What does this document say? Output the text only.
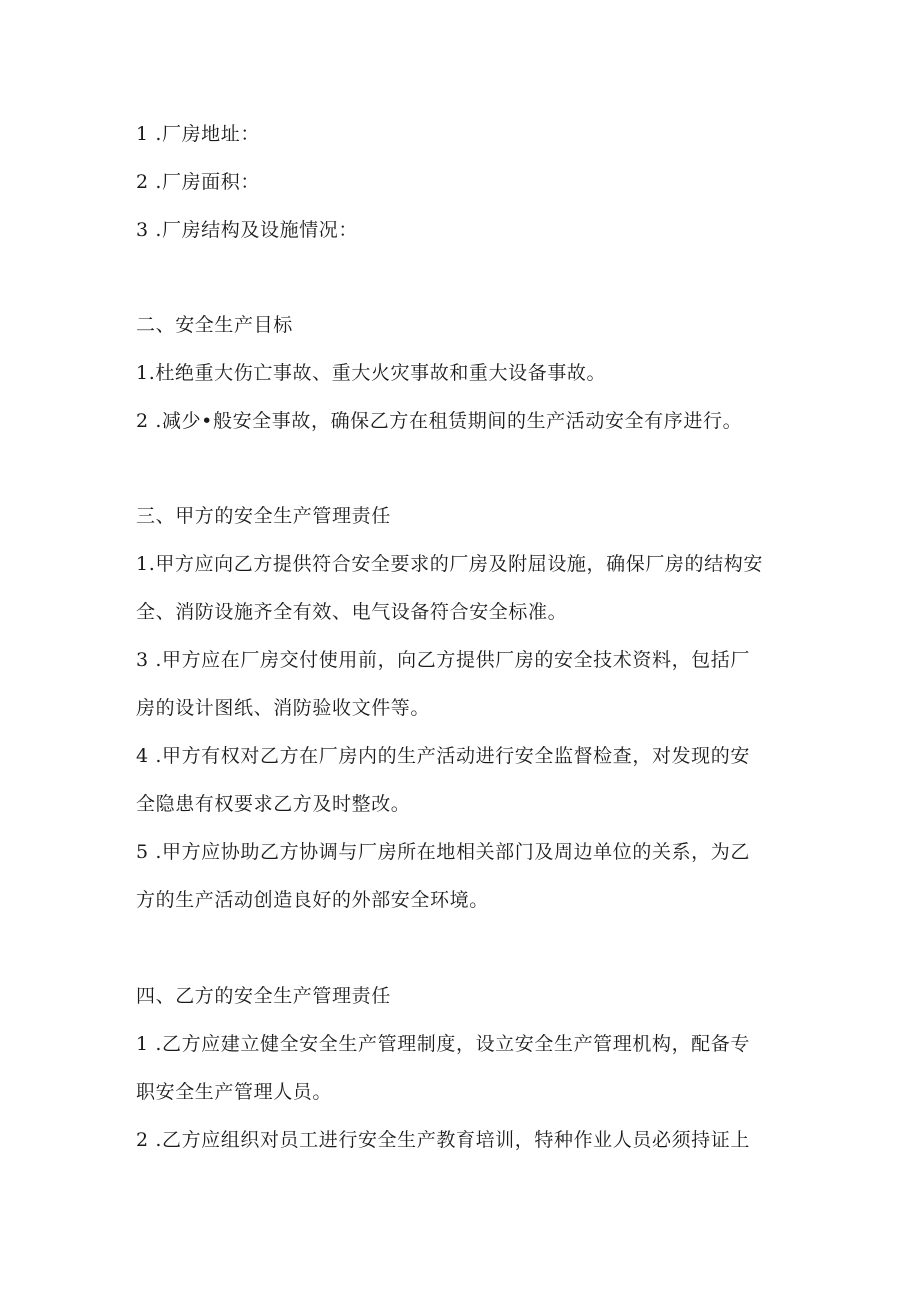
1 .厂房地址：
2 .厂房面积：
3 .厂房结构及设施情况：
二、安全生产目标
1.杜绝重大伤亡事故、重大火灾事故和重大设备事故。
2 .减少•般安全事故，确保乙方在租赁期间的生产活动安全有序进行。
三、甲方的安全生产管理责任
1.甲方应向乙方提供符合安全要求的厂房及附屈设施，确保厂房的结构安
全、消防设施齐全有效、电气设备符合安全标准。
3 .甲方应在厂房交付使用前，向乙方提供厂房的安全技术资料，包括厂
房的设计图纸、消防验收文件等。
4 .甲方有权对乙方在厂房内的生产活动进行安全监督检查，对发现的安
全隐患有权要求乙方及时整改。
5 .甲方应协助乙方协调与厂房所在地相关部门及周边单位的关系，为乙
方的生产活动创造良好的外部安全环境。
四、乙方的安全生产管理责任
1 .乙方应建立健全安全生产管理制度，设立安全生产管理机构，配备专
职安全生产管理人员。
2 .乙方应组织对员工进行安全生产教育培训，特种作业人员必须持证上
